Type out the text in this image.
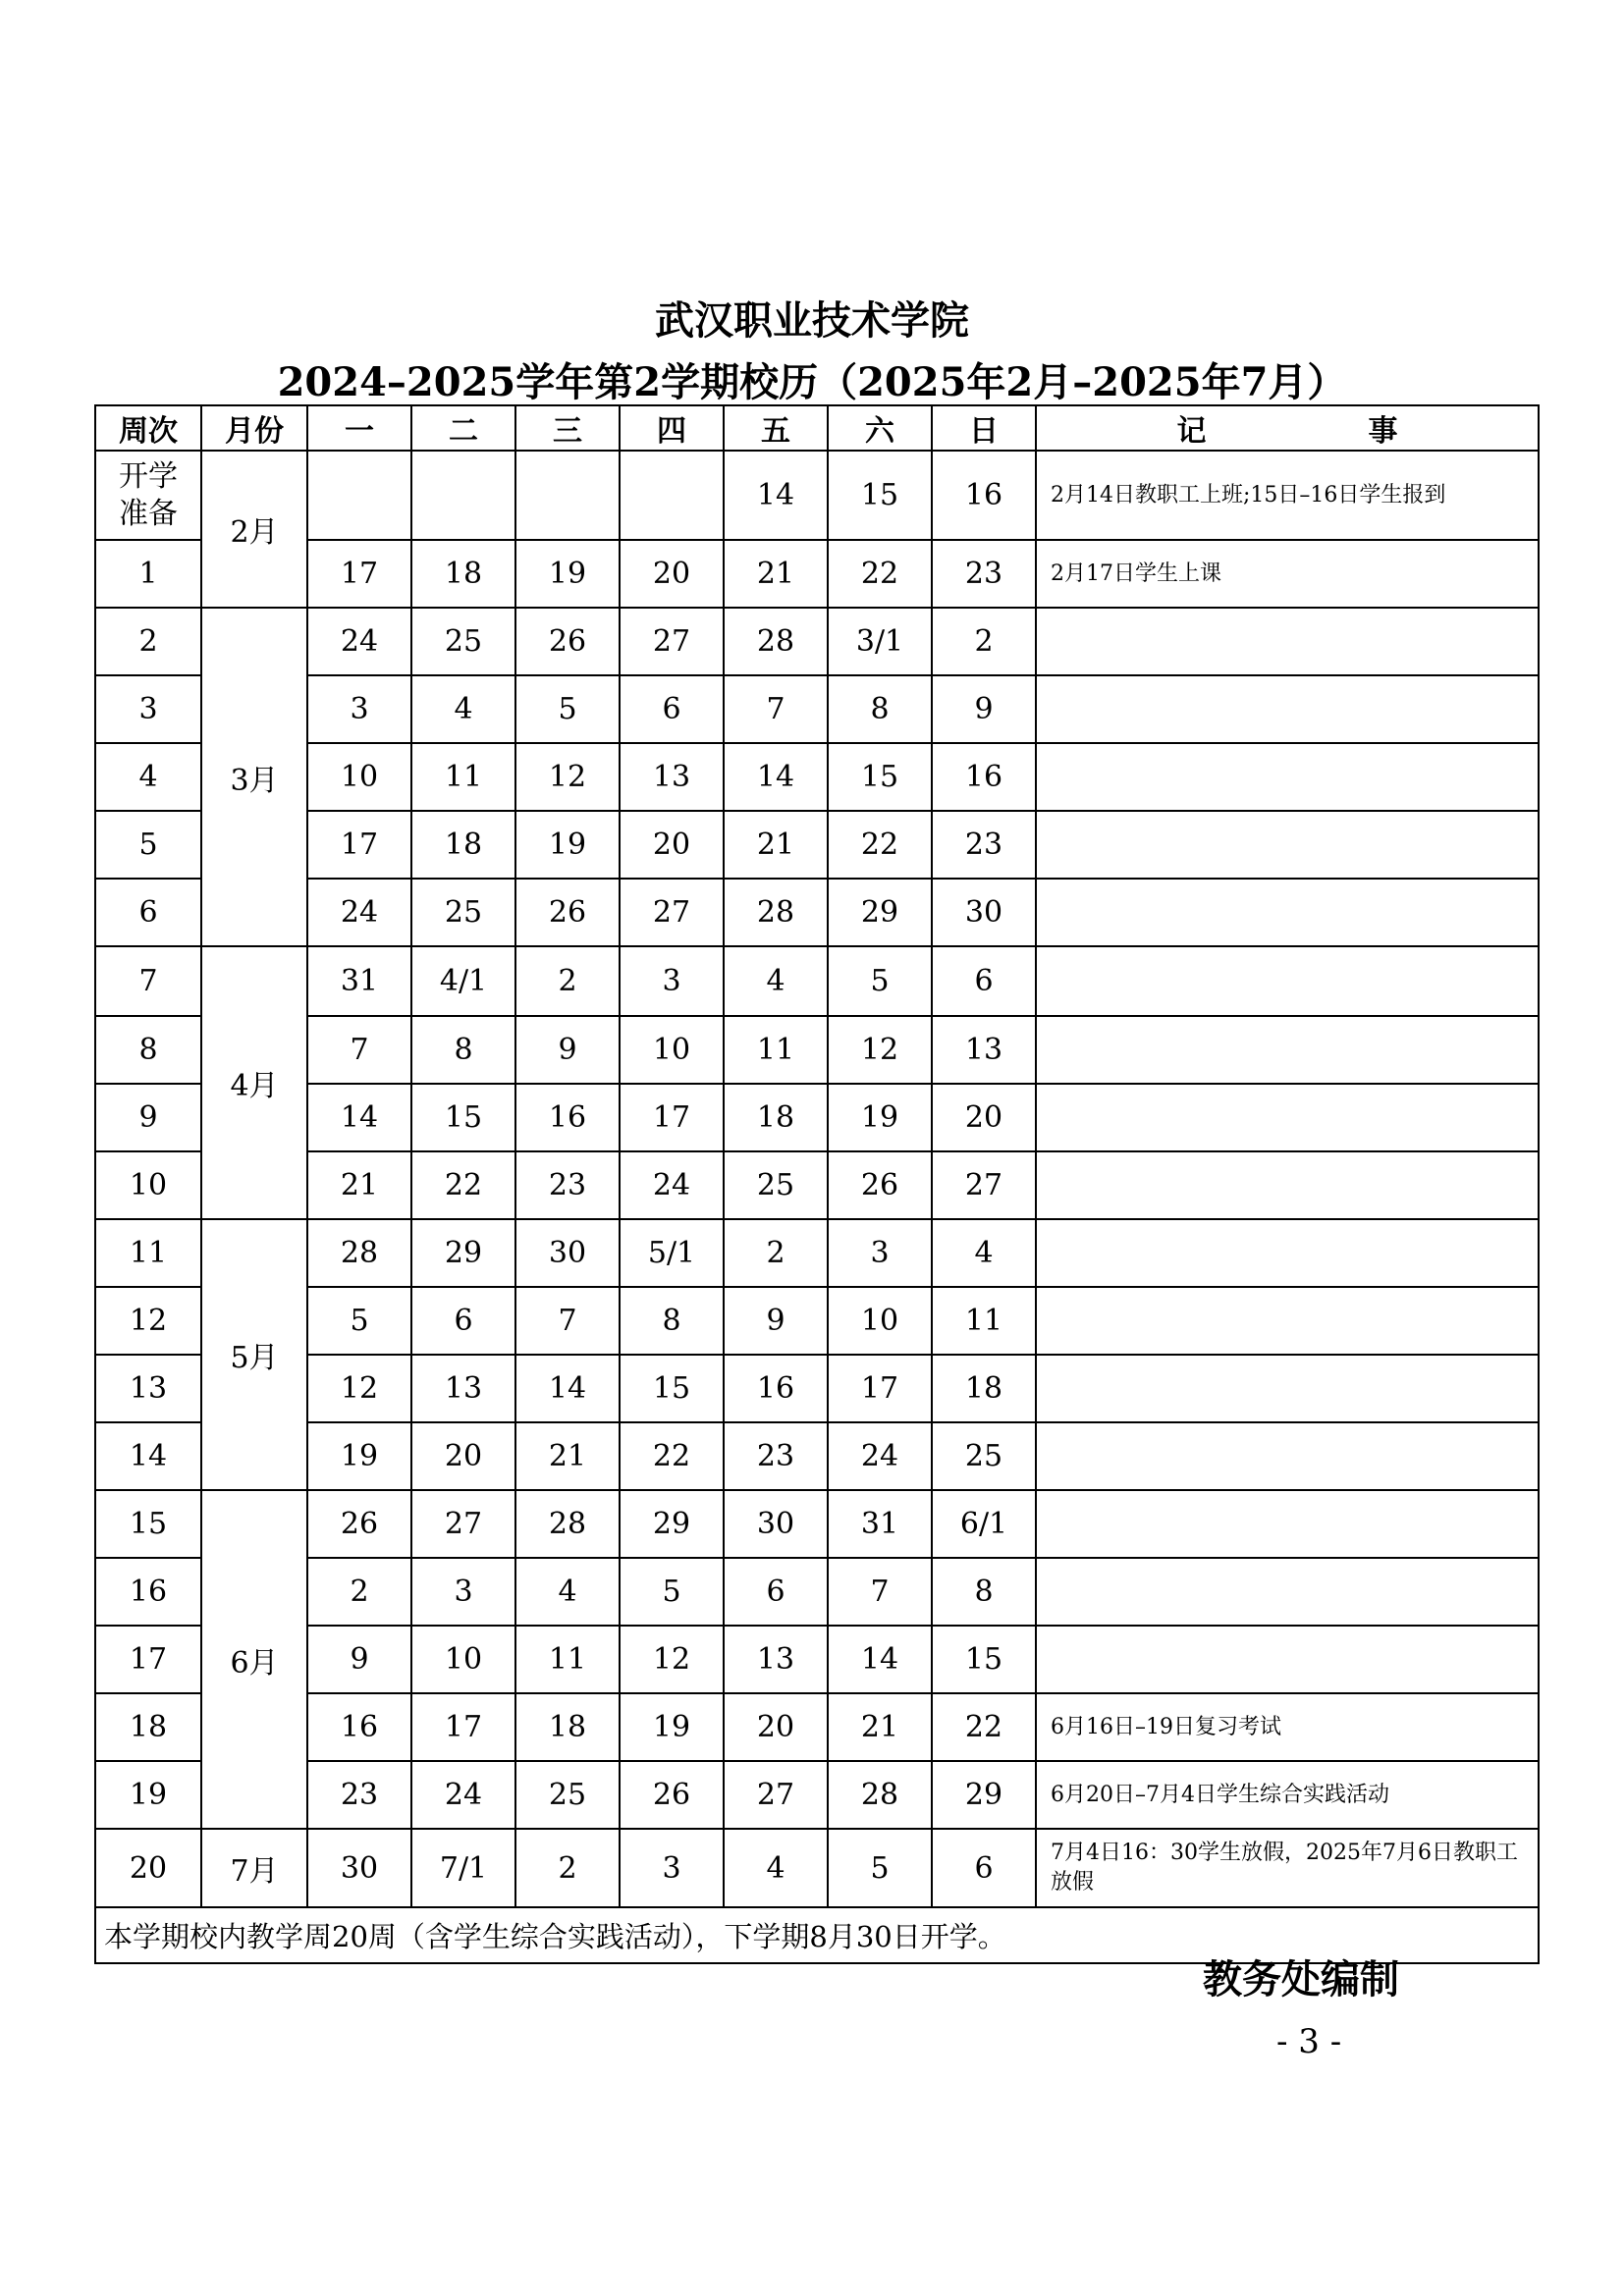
武汉职业技术学院
2024–2025学年第2学期校历（2025年2月–2025年7月）
周次	月份	一	二	三	四	五	六	日	记 事

开学准备	2月					14	15	16	2月14日教职工上班;15日–16日学生报到
1		17	18	19	20	21	22	23	2月17日学生上课
2	3月	24	25	26	27	28	3/1	2	
3		3	4	5	6	7	8	9	
4		10	11	12	13	14	15	16	
5		17	18	19	20	21	22	23	
6		24	25	26	27	28	29	30	
7	4月	31	4/1	2	3	4	5	6	
8		7	8	9	10	11	12	13	
9		14	15	16	17	18	19	20	
10		21	22	23	24	25	26	27	
11	5月	28	29	30	5/1	2	3	4	
12		5	6	7	8	9	10	11	
13		12	13	14	15	16	17	18	
14		19	20	21	22	23	24	25	
15	6月	26	27	28	29	30	31	6/1	
16		2	3	4	5	6	7	8	
17		9	10	11	12	13	14	15	
18		16	17	18	19	20	21	22	6月16日–19日复习考试
19		23	24	25	26	27	28	29	6月20日–7月4日学生综合实践活动
20	7月	30	7/1	2	3	4	5	6	7月4日16：30学生放假，2025年7月6日教职工放假
本学期校内教学周20周（含学生综合实践活动），下学期8月30日开学。									
教务处编制
- 3 -
